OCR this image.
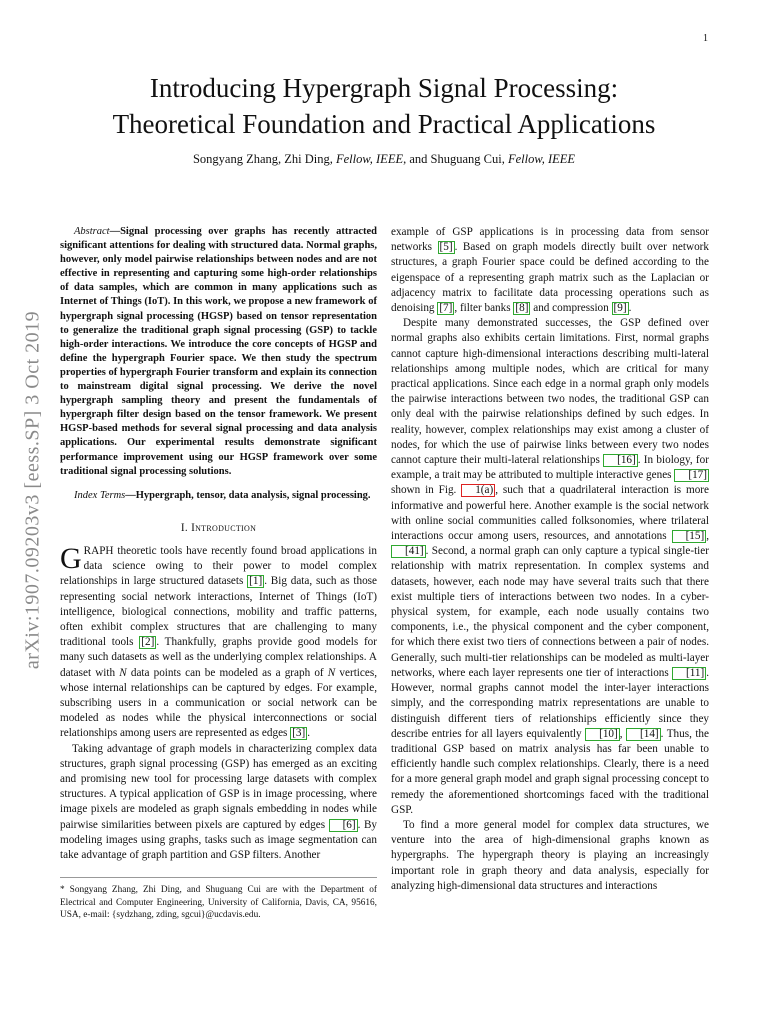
1
arXiv:1907.09203v3 [eess.SP] 3 Oct 2019
Introducing Hypergraph Signal Processing:
Theoretical Foundation and Practical Applications
Songyang Zhang, Zhi Ding, Fellow, IEEE, and Shuguang Cui, Fellow, IEEE

Abstract—Signal processing over graphs has recently attracted significant attentions for dealing with structured data. Normal graphs, however, only model pairwise relationships between nodes and are not effective in representing and capturing some high-order relationships of data samples, which are common in many applications such as Internet of Things (IoT). In this work, we propose a new framework of hypergraph signal processing (HGSP) based on tensor representation to generalize the traditional graph signal processing (GSP) to tackle high-order interactions. We introduce the core concepts of HGSP and define the hypergraph Fourier space. We then study the spectrum properties of hypergraph Fourier transform and explain its connection to mainstream digital signal processing. We derive the novel hypergraph sampling theory and present the fundamentals of hypergraph filter design based on the tensor framework. We present HGSP-based methods for several signal processing and data analysis applications. Our experimental results demonstrate significant performance improvement using our HGSP framework over some traditional signal processing solutions.

Index Terms—Hypergraph, tensor, data analysis, signal processing.

I. Introduction

GRAPH theoretic tools have recently found broad applications in data science owing to their power to model complex relationships in large structured datasets [1] . Big data, such as those representing social network interactions, Internet of Things (IoT) intelligence, biological connections, mobility and traffic patterns, often exhibit complex structures that are challenging to many traditional tools [2] . Thankfully, graphs provide good models for many such datasets as well as the underlying complex relationships. A dataset with N data points can be modeled as a graph of N vertices, whose internal relationships can be captured by edges. For example, subscribing users in a communication or social network can be modeled as nodes while the physical interconnections or social relationships among users are represented as edges [3] .

Taking advantage of graph models in characterizing complex data structures, graph signal processing (GSP) has emerged as an exciting and promising new tool for processing large datasets with complex structures. A typical application of GSP is in image processing, where image pixels are modeled as graph signals embedding in nodes while pairwise similarities between pixels are captured by edges [6] . By modeling images using graphs, tasks such as image segmentation can take advantage of graph partition and GSP filters. Another

* Songyang Zhang, Zhi Ding, and Shuguang Cui are with the Department of Electrical and Computer Engineering, University of California, Davis, CA, 95616, USA, e-mail: {sydzhang, zding, sgcui}@ucdavis.edu.

example of GSP applications is in processing data from sensor networks [5] . Based on graph models directly built over network structures, a graph Fourier space could be defined according to the eigenspace of a representing graph matrix such as the Laplacian or adjacency matrix to facilitate data processing operations such as denoising [7] , filter banks [8] and compression [9] .

Despite many demonstrated successes, the GSP defined over normal graphs also exhibits certain limitations. First, normal graphs cannot capture high-dimensional interactions describing multi-lateral relationships among multiple nodes, which are critical for many practical applications. Since each edge in a normal graph only models the pairwise interactions between two nodes, the traditional GSP can only deal with the pairwise relationships defined by such edges. In reality, however, complex relationships may exist among a cluster of nodes, for which the use of pairwise links between every two nodes cannot capture their multi-lateral relationships [16] . In biology, for example, a trait may be attributed to multiple interactive genes [17] shown in Fig. 1(a) , such that a quadrilateral interaction is more informative and powerful here. Another example is the social network with online social communities called folksonomies, where trilateral interactions occur among users, resources, and annotations [15] , [41] . Second, a normal graph can only capture a typical single-tier relationship with matrix representation. In complex systems and datasets, however, each node may have several traits such that there exist multiple tiers of interactions between two nodes. In a cyber-physical system, for example, each node usually contains two components, i.e., the physical component and the cyber component, for which there exist two tiers of connections between a pair of nodes. Generally, such multi-tier relationships can be modeled as multi-layer networks, where each layer represents one tier of interactions [11] . However, normal graphs cannot model the inter-layer interactions simply, and the corresponding matrix representations are unable to distinguish different tiers of relationships efficiently since they describe entries for all layers equivalently [10] , [14] . Thus, the traditional GSP based on matrix analysis has far been unable to efficiently handle such complex relationships. Clearly, there is a need for a more general graph model and graph signal processing concept to remedy the aforementioned shortcomings faced with the traditional GSP.

To find a more general model for complex data structures, we venture into the area of high-dimensional graphs known as hypergraphs. The hypergraph theory is playing an increasingly important role in graph theory and data analysis, especially for analyzing high-dimensional data structures and interactions
